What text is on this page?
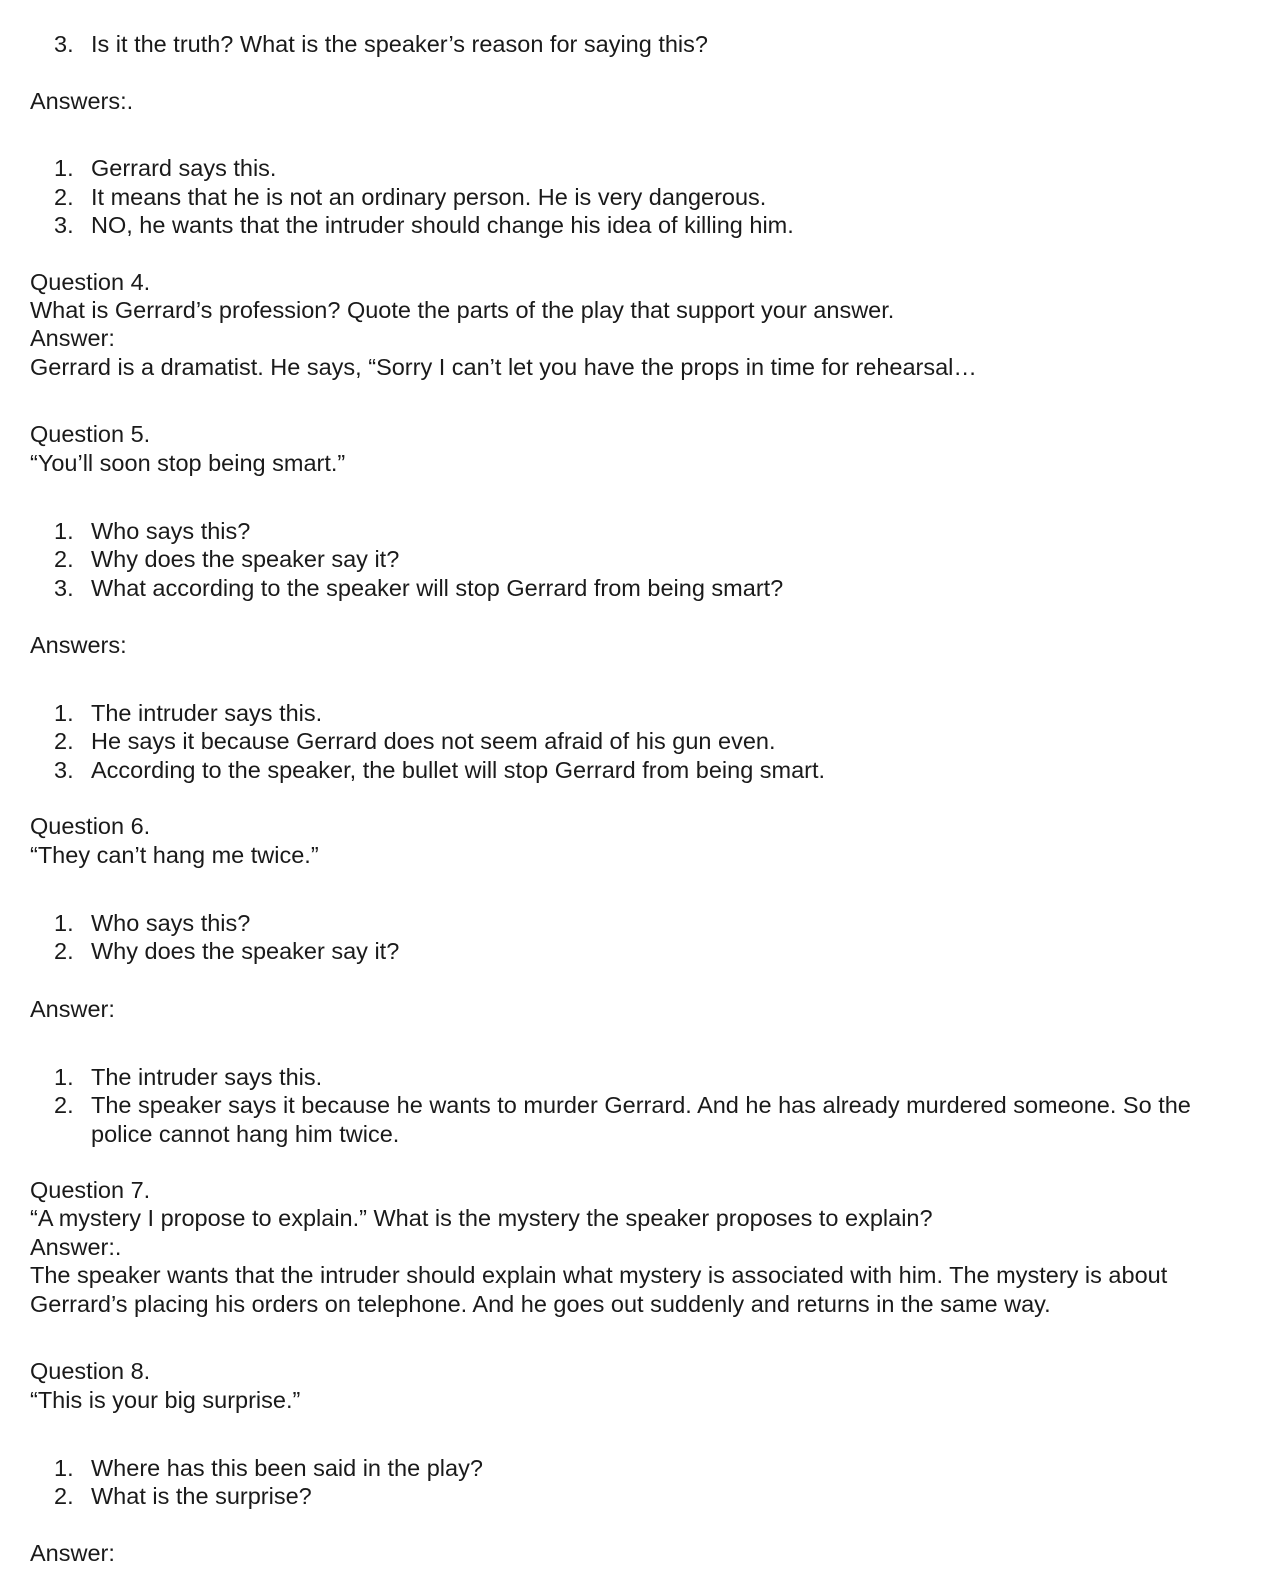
3. Is it the truth? What is the speaker’s reason for saying this?
Answers:.
1. Gerrard says this.
2. It means that he is not an ordinary person. He is very dangerous.
3. NO, he wants that the intruder should change his idea of killing him.
Question 4.
What is Gerrard’s profession? Quote the parts of the play that support your answer.
Answer:
Gerrard is a dramatist. He says, “Sorry I can’t let you have the props in time for rehearsal…
Question 5.
“You’ll soon stop being smart.”
1. Who says this?
2. Why does the speaker say it?
3. What according to the speaker will stop Gerrard from being smart?
Answers:
1. The intruder says this.
2. He says it because Gerrard does not seem afraid of his gun even.
3. According to the speaker, the bullet will stop Gerrard from being smart.
Question 6.
“They can’t hang me twice.”
1. Who says this?
2. Why does the speaker say it?
Answer:
1. The intruder says this.
2. The speaker says it because he wants to murder Gerrard. And he has already murdered someone. So the
police cannot hang him twice.
Question 7.
“A mystery I propose to explain.” What is the mystery the speaker proposes to explain?
Answer:.
The speaker wants that the intruder should explain what mystery is associated with him. The mystery is about
Gerrard’s placing his orders on telephone. And he goes out suddenly and returns in the same way.
Question 8.
“This is your big surprise.”
1. Where has this been said in the play?
2. What is the surprise?
Answer:
